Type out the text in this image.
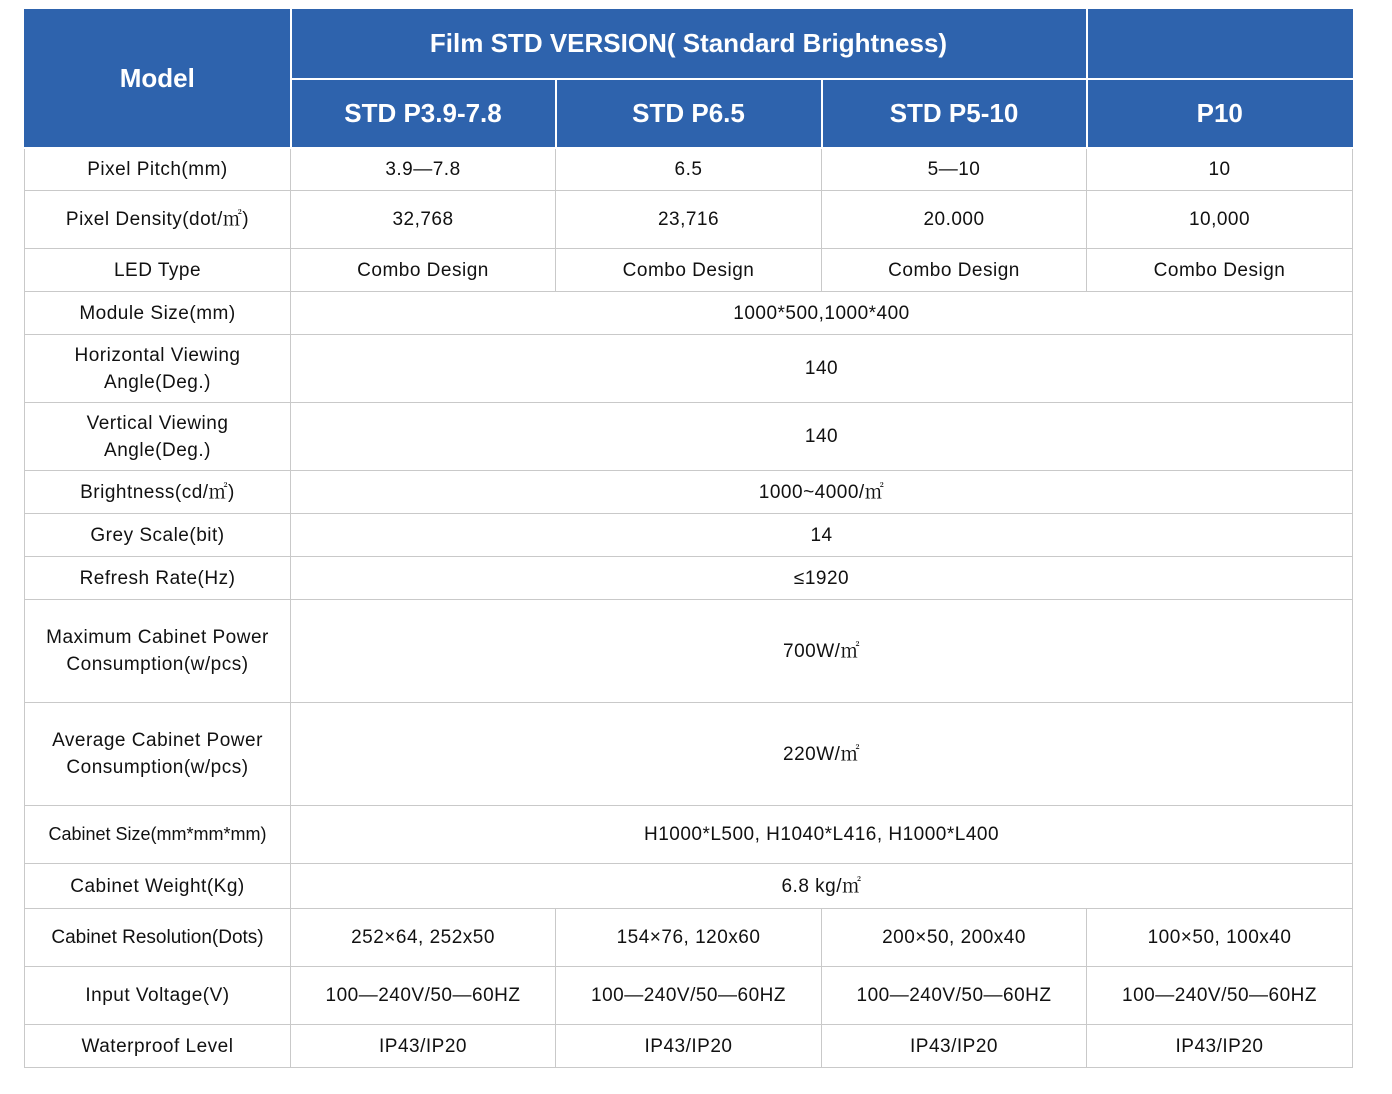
Model	Film STD VERSION( Standard Brightness)			
	STD P3.9-7.8	STD P6.5	STD P5-10	P10
Pixel Pitch(mm)	3.9—7.8	6.5	5—10	10
Pixel Density(dot/㎡)	32,768	23,716	20.000	10,000
LED Type	Combo Design	Combo Design	Combo Design	Combo Design
Module Size(mm)	1000*500,1000*400			
Horizontal Viewing
Angle(Deg.)	140			
Vertical Viewing
Angle(Deg.)	140			
Brightness(cd/㎡)	1000~4000/㎡			
Grey Scale(bit)	14			
Refresh Rate(Hz)	≤1920			
Maximum Cabinet Power
Consumption(w/pcs)	700W/㎡			
Average Cabinet Power
Consumption(w/pcs)	220W/㎡			
Cabinet Size(mm*mm*mm)	H1000*L500, H1040*L416, H1000*L400			
Cabinet Weight(Kg)	6.8 kg/㎡			
Cabinet Resolution(Dots)	252×64, 252x50	154×76, 120x60	200×50, 200x40	100×50, 100x40
Input Voltage(V)	100—240V/50—60HZ	100—240V/50—60HZ	100—240V/50—60HZ	100—240V/50—60HZ
Waterproof Level	IP43/IP20	IP43/IP20	IP43/IP20	IP43/IP20
